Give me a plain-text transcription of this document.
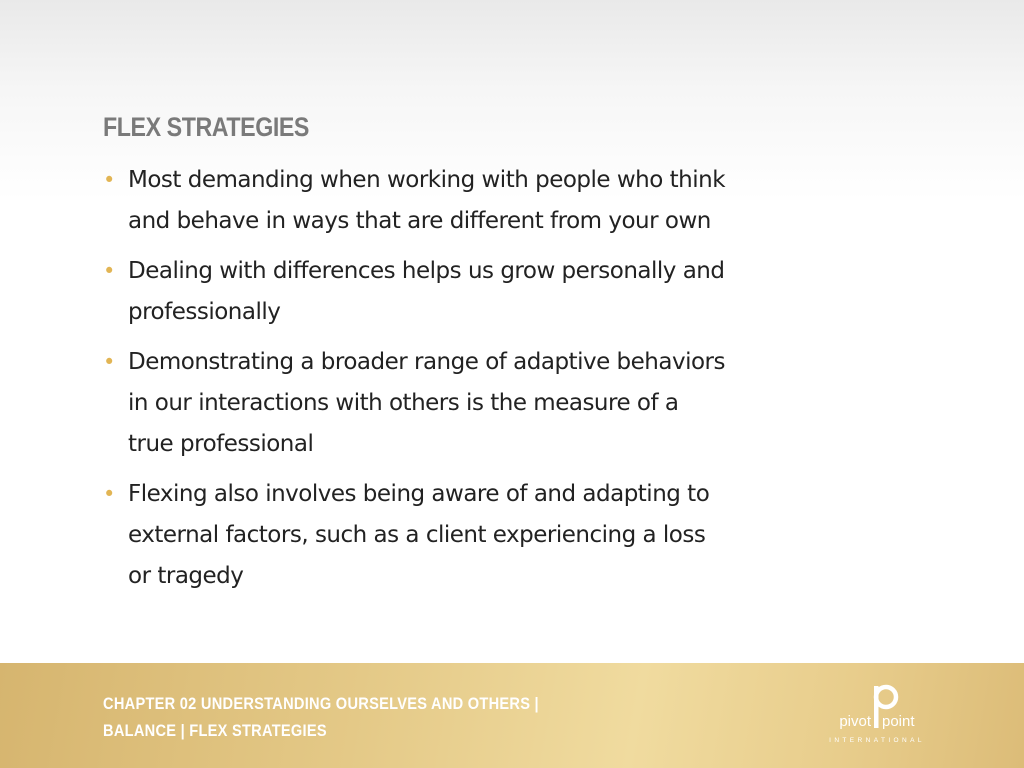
FLEX STRATEGIES
• Most demanding when working with people who think
and behave in ways that are different from your own
• Dealing with differences helps us grow personally and
professionally
• Demonstrating a broader range of adaptive behaviors
in our interactions with others is the measure of a
true professional
• Flexing also involves being aware of and adapting to
external factors, such as a client experiencing a loss
or tragedy

CHAPTER 02 UNDERSTANDING OURSELVES AND OTHERS |
BALANCE | FLEX STRATEGIES	pivot point
INTERNATIONAL
